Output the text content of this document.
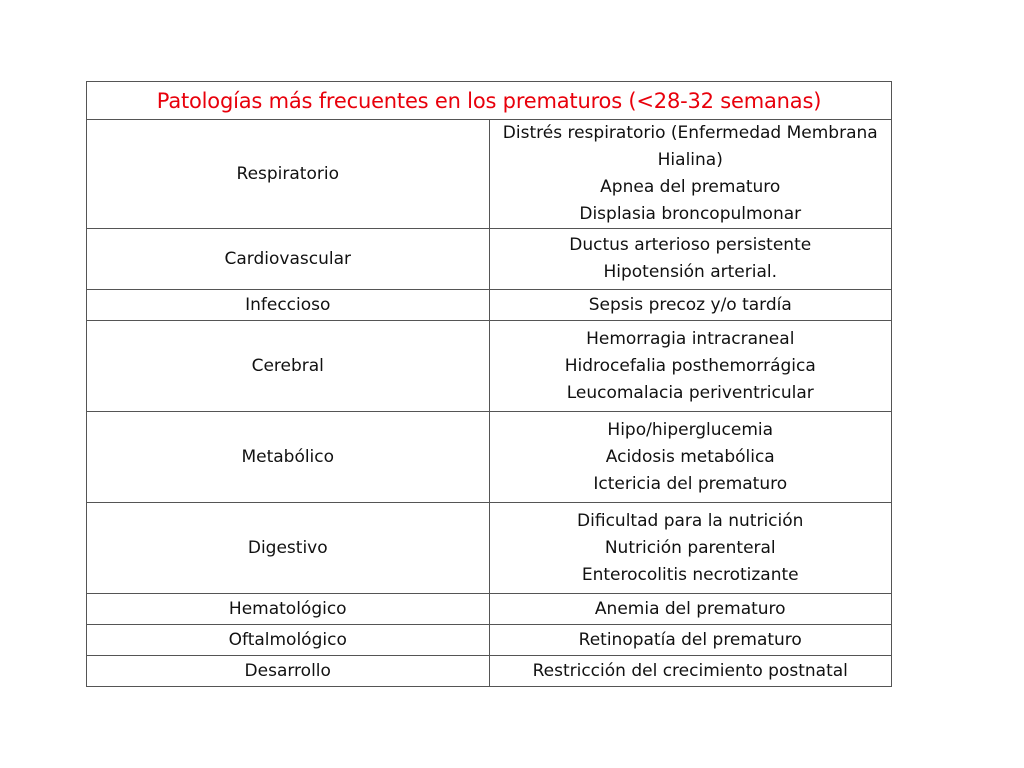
Patologías más frecuentes en los prematuros (<28-32 semanas)	
Respiratorio	Distrés respiratorio (Enfermedad Membrana Hialina)
Apnea del prematuro
Displasia broncopulmonar

Cardiovascular	Ductus arterioso persistente
Hipotensión arterial.

Infeccioso	Sepsis precoz y/o tardía

Cerebral	Hemorragia intracraneal
Hidrocefalia posthemorrágica
Leucomalacia periventricular

Metabólico	Hipo/hiperglucemia
Acidosis metabólica
Ictericia del prematuro

Digestivo	Dificultad para la nutrición
Nutrición parenteral
Enterocolitis necrotizante

Hematológico	Anemia del prematuro

Oftalmológico	Retinopatía del prematuro

Desarrollo	Restricción del crecimiento postnatal
